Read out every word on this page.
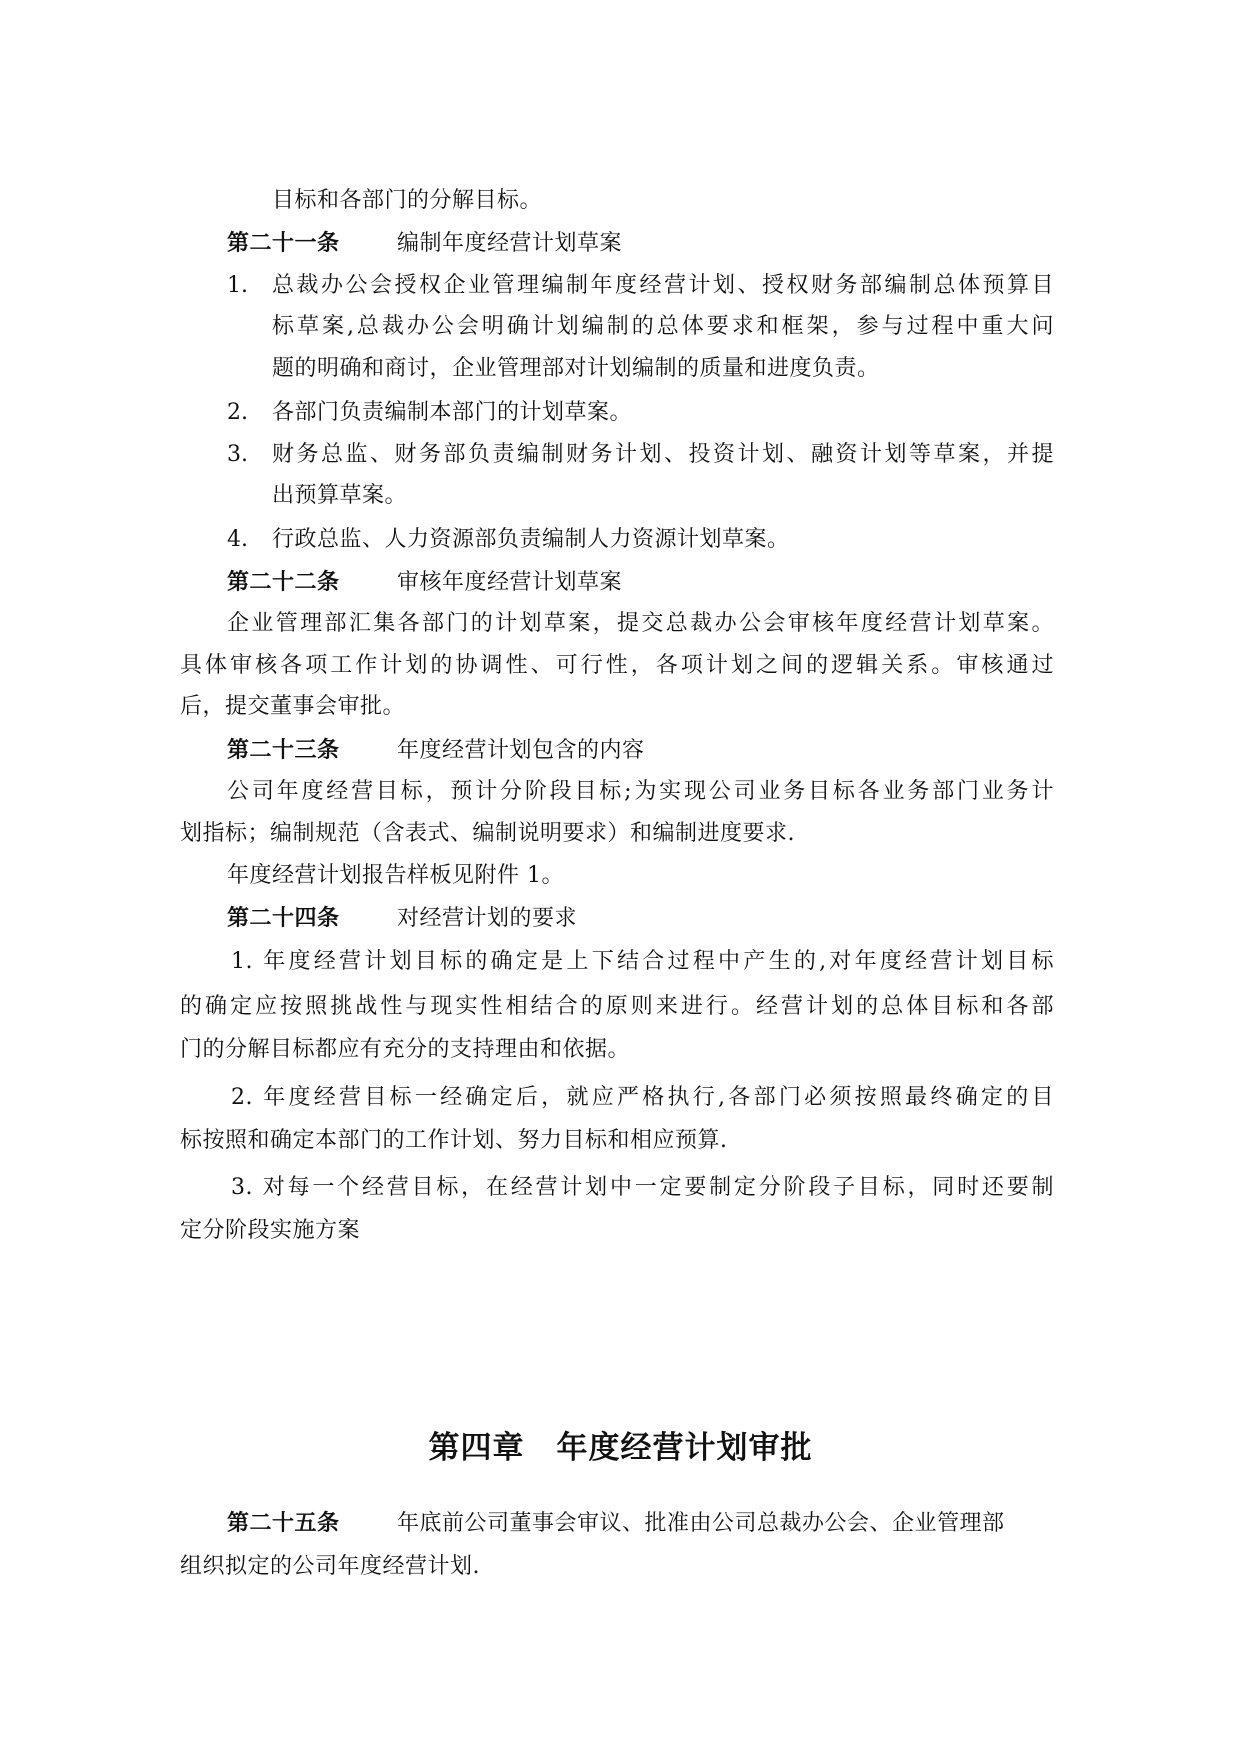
目标和各部门的分解目标。
第二十一条	编制年度经营计划草案
1. 总裁办公会授权企业管理编制年度经营计划、授权财务部编制总体预算目
标草案,总裁办公会明确计划编制的总体要求和框架，参与过程中重大问
题的明确和商讨，企业管理部对计划编制的质量和进度负责。
2. 各部门负责编制本部门的计划草案。
3. 财务总监、财务部负责编制财务计划、投资计划、融资计划等草案，并提
出预算草案。
4. 行政总监、人力资源部负责编制人力资源计划草案。
第二十二条	审核年度经营计划草案
企业管理部汇集各部门的计划草案，提交总裁办公会审核年度经营计划草案。
具体审核各项工作计划的协调性、可行性，各项计划之间的逻辑关系。审核通过
后，提交董事会审批。
第二十三条	年度经营计划包含的内容
公司年度经营目标，预计分阶段目标;为实现公司业务目标各业务部门业务计
划指标；编制规范（含表式、编制说明要求）和编制进度要求.
年度经营计划报告样板见附件 1。
第二十四条	对经营计划的要求
1. 年度经营计划目标的确定是上下结合过程中产生的,对年度经营计划目标
的确定应按照挑战性与现实性相结合的原则来进行。经营计划的总体目标和各部
门的分解目标都应有充分的支持理由和依据。
2. 年度经营目标一经确定后，就应严格执行,各部门必须按照最终确定的目
标按照和确定本部门的工作计划、努力目标和相应预算.
3. 对每一个经营目标，在经营计划中一定要制定分阶段子目标，同时还要制
定分阶段实施方案
第四章　年度经营计划审批
第二十五条	年底前公司董事会审议、批准由公司总裁办公会、企业管理部
组织拟定的公司年度经营计划.
